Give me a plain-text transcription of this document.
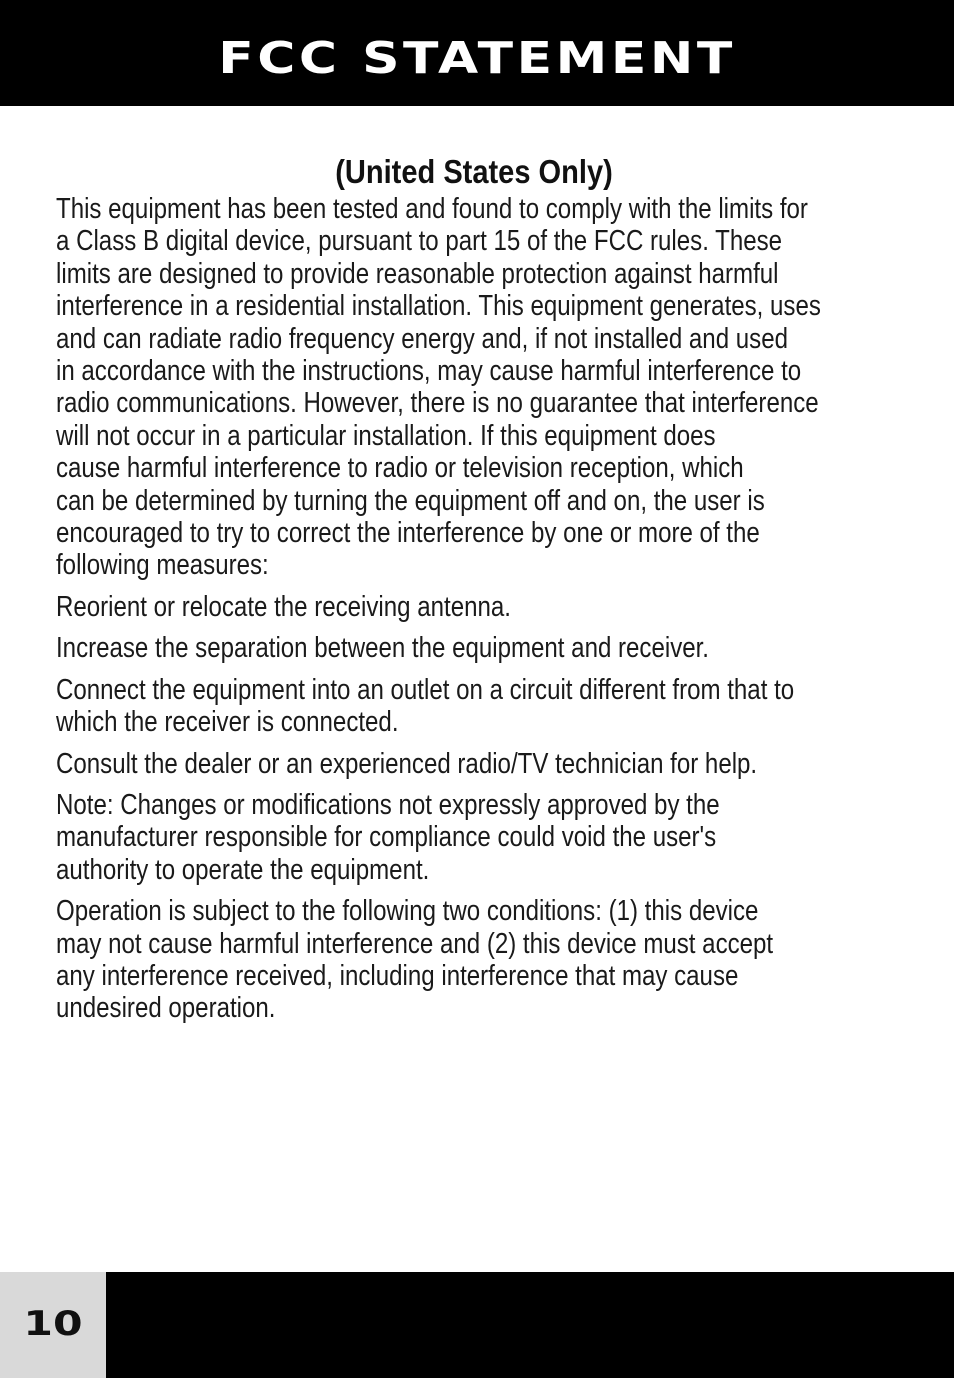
FCC STATEMENT
(United States Only)

This equipment has been tested and found to comply with the limits for
a Class B digital device, pursuant to part 15 of the FCC rules. These
limits are designed to provide reasonable protection against harmful
interference in a residential installation. This equipment generates, uses
and can radiate radio frequency energy and, if not installed and used
in accordance with the instructions, may cause harmful interference to
radio communications. However, there is no guarantee that interference
will not occur in a particular installation. If this equipment does
cause harmful interference to radio or television reception, which
can be determined by turning the equipment off and on, the user is
encouraged to try to correct the interference by one or more of the
following measures:

Reorient or relocate the receiving antenna.

Increase the separation between the equipment and receiver.

Connect the equipment into an outlet on a circuit different from that to
which the receiver is connected.

Consult the dealer or an experienced radio/TV technician for help.

Note: Changes or modifications not expressly approved by the
manufacturer responsible for compliance could void the user's
authority to operate the equipment.

Operation is subject to the following two conditions: (1) this device
may not cause harmful interference and (2) this device must accept
any interference received, including interference that may cause
undesired operation.

10
